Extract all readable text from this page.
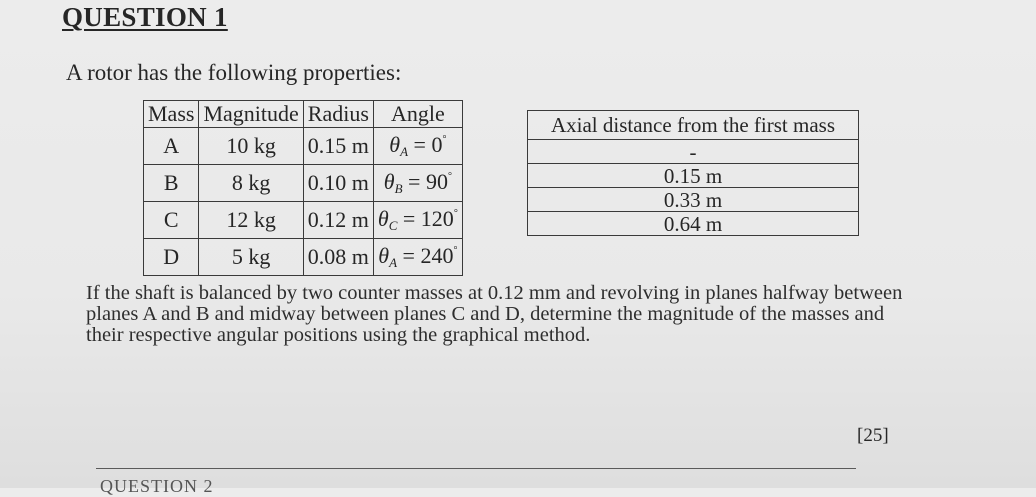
QUESTION 1
A rotor has the following properties:
Mass	Magnitude	Radius	Angle
A	10 kg	0.15 m	$\theta_A = 0^\circ$
B	8 kg	0.10 m	$\theta_B = 90^\circ$
C	12 kg	0.12 m	$\theta_C = 120^\circ$
D	5 kg	0.08 m	$\theta_A = 240^\circ$
Axial distance from the first mass
-
0.15 m
0.33 m
0.64 m
If the shaft is balanced by two counter masses at 0.12 mm and revolving in planes halfway between planes A and B and midway between planes C and D, determine the magnitude of the masses and their respective angular positions using the graphical method.
[25]
QUESTION 2
